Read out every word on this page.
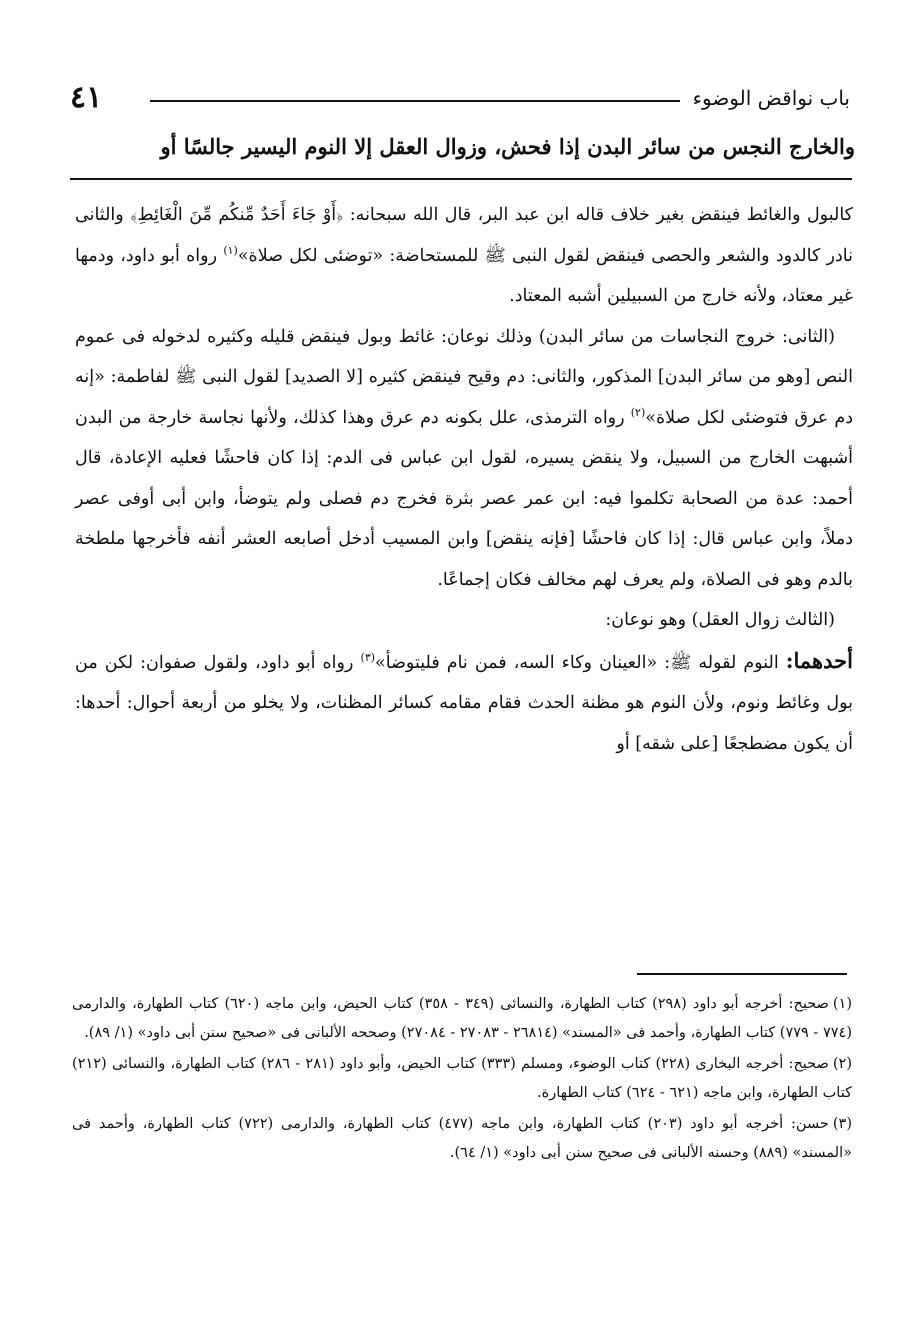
٤١	باب نواقض الوضوء
والخارج النجس من سائر البدن إذا فحش، وزوال العقل إلا النوم اليسير جالسًا أو

كالبول والغائط فينقض بغير خلاف قاله ابن عبد البر، قال الله سبحانه: ﴿أَوْ جَاءَ أَحَدٌ مِّنكُم مِّنَ الْغَائِطِ﴾ والثانى نادر كالدود والشعر والحصى فينقض لقول النبى ﷺ للمستحاضة: «توضئى لكل صلاة»$^{(١)}$ رواه أبو داود، ودمها غير معتاد، ولأنه خارج من السبيلين أشبه المعتاد.

(الثانى: خروج النجاسات من سائر البدن) وذلك نوعان: غائط وبول فينقض قليله وكثيره لدخوله فى عموم النص [وهو من سائر البدن] المذكور، والثانى: دم وقيح فينقض كثيره [لا الصديد] لقول النبى ﷺ لفاطمة: «إنه دم عرق فتوضئى لكل صلاة»$^{(٢)}$ رواه الترمذى، علل بكونه دم عرق وهذا كذلك، ولأنها نجاسة خارجة من البدن أشبهت الخارج من السبيل، ولا ينقض يسيره، لقول ابن عباس فى الدم: إذا كان فاحشًا فعليه الإعادة، قال أحمد: عدة من الصحابة تكلموا فيه: ابن عمر عصر بثرة فخرج دم فصلى ولم يتوضأ، وابن أبى أوفى عصر دملاً، وابن عباس قال: إذا كان فاحشًا [فإنه ينقض] وابن المسيب أدخل أصابعه العشر أنفه فأخرجها ملطخة بالدم وهو فى الصلاة، ولم يعرف لهم مخالف فكان إجماعًا.

(الثالث زوال العقل) وهو نوعان:

أحدهما: النوم لقوله ﷺ: «العينان وكاء السه، فمن نام فليتوضأ»$^{(٣)}$ رواه أبو داود، ولقول صفوان: لكن من بول وغائط ونوم، ولأن النوم هو مظنة الحدث فقام مقامه كسائر المظنات، ولا يخلو من أربعة أحوال: أحدها: أن يكون مضطجعًا [على شقه] أو

(١)صحيح: أخرجه أبو داود (٢٩٨) كتاب الطهارة، والنسائى (٣٤٩ - ٣٥٨) كتاب الحيض، وابن ماجه (٦٢٠) كتاب الطهارة، والدارمى (٧٧٤ - ٧٧٩) كتاب الطهارة، وأحمد فى «المسند» (٢٦٨١٤ - ٢٧٠٨٣ - ٢٧٠٨٤) وصححه الألبانى فى «صحيح سنن أبى داود» (١/ ٨٩).

(٢)صحيح: أخرجه البخارى (٢٢٨) كتاب الوضوء، ومسلم (٣٣٣) كتاب الحيض، وأبو داود (٢٨١ - ٢٨٦) كتاب الطهارة، والنسائى (٢١٢) كتاب الطهارة، وابن ماجه (٦٢١ - ٦٢٤) كتاب الطهارة.

(٣)حسن: أخرجه أبو داود (٢٠٣) كتاب الطهارة، وابن ماجه (٤٧٧) كتاب الطهارة، والدارمى (٧٢٢) كتاب الطهارة، وأحمد فى «المسند» (٨٨٩) وحسنه الألبانى فى صحيح سنن أبى داود» (١/ ٦٤).
